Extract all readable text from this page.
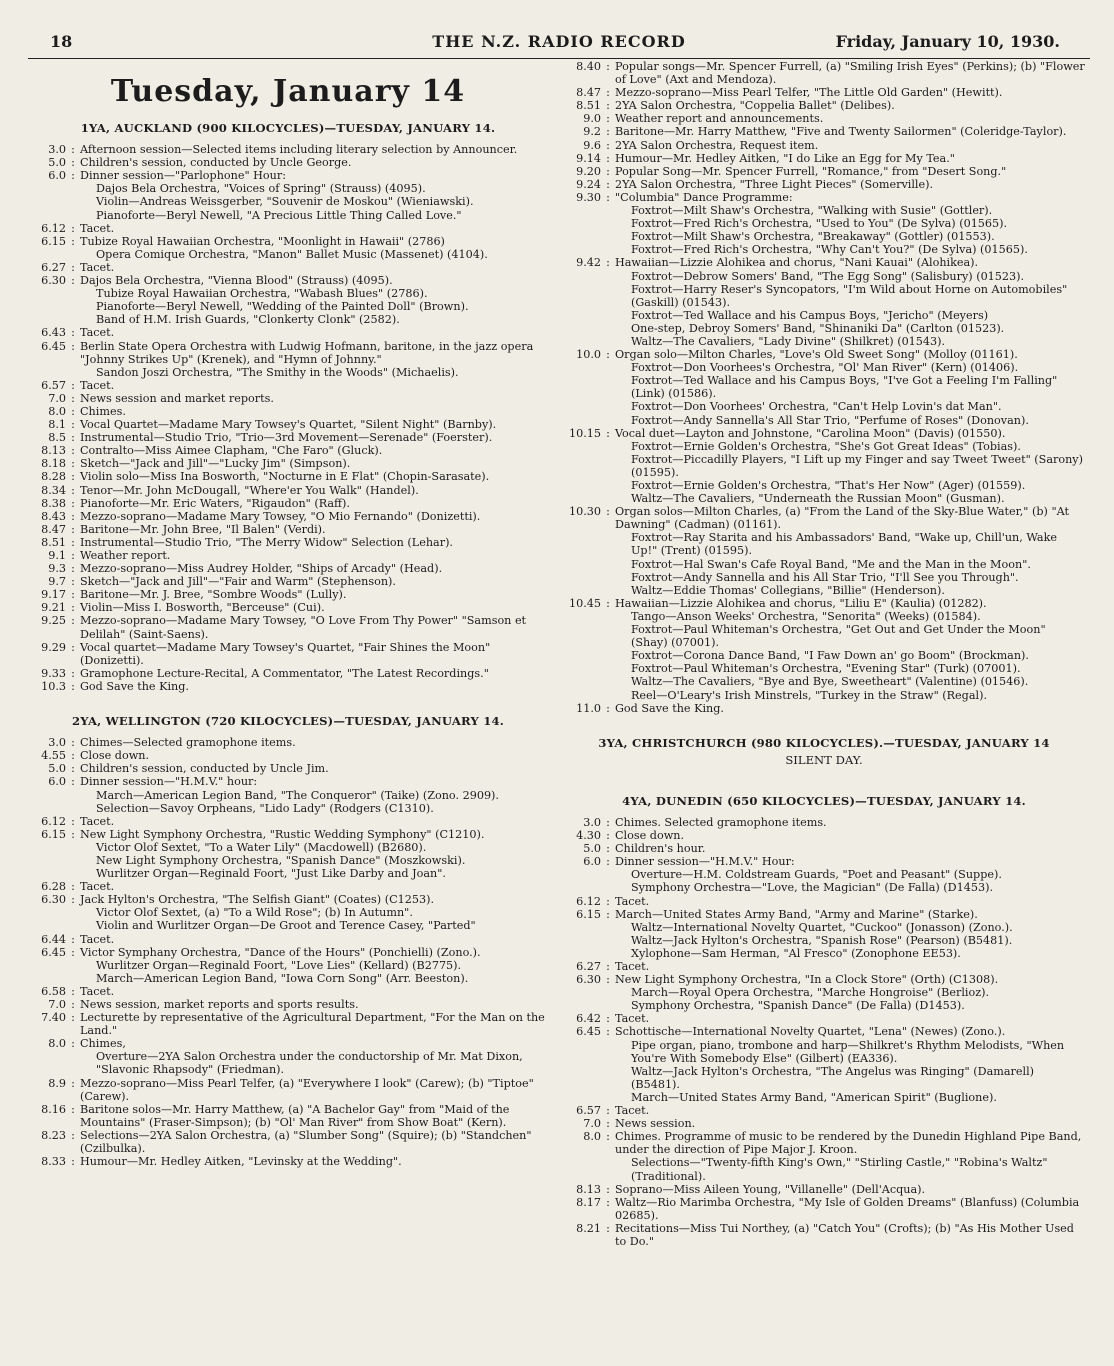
18	THE N.Z. RADIO RECORD	Friday, January 10, 1930.
Tuesday, January 14
1YA, AUCKLAND (900 KILOCYCLES)—TUESDAY, JANUARY 14.
3.0 : Afternoon session—Selected items including literary selection by Announcer.
5.0 : Children's session, conducted by Uncle George.
6.0 : Dinner session—"Parlophone" Hour:
Dajos Bela Orchestra, "Voices of Spring" (Strauss) (4095).
Violin—Andreas Weissgerber, "Souvenir de Moskou" (Wieniawski).
Pianoforte—Beryl Newell, "A Precious Little Thing Called Love."
6.12 : Tacet.
6.15 : Tubize Royal Hawaiian Orchestra, "Moonlight in Hawaii" (2786)
Opera Comique Orchestra, "Manon" Ballet Music (Massenet) (4104).
6.27 : Tacet.
6.30 : Dajos Bela Orchestra, "Vienna Blood" (Strauss) (4095).
Tubize Royal Hawaiian Orchestra, "Wabash Blues" (2786).
Pianoforte—Beryl Newell, "Wedding of the Painted Doll" (Brown).
Band of H.M. Irish Guards, "Clonkerty Clonk" (2582).
6.43 : Tacet.
6.45 : Berlin State Opera Orchestra with Ludwig Hofmann, baritone, in the jazz opera "Johnny Strikes Up" (Krenek), and "Hymn of Johnny."
Sandon Joszi Orchestra, "The Smithy in the Woods" (Michaelis).
6.57 : Tacet.
7.0 : News session and market reports.
8.0 : Chimes.
8.1 : Vocal Quartet—Madame Mary Towsey's Quartet, "Silent Night" (Barnby).
8.5 : Instrumental—Studio Trio, "Trio—3rd Movement—Serenade" (Foerster).
8.13 : Contralto—Miss Aimee Clapham, "Che Faro" (Gluck).
8.18 : Sketch—"Jack and Jill"—"Lucky Jim" (Simpson).
8.28 : Violin solo—Miss Ina Bosworth, "Nocturne in E Flat" (Chopin-Sarasate).
8.34 : Tenor—Mr. John McDougall, "Where'er You Walk" (Handel).
8.38 : Pianoforte—Mr. Eric Waters, "Rigaudon" (Raff).
8.43 : Mezzo-soprano—Madame Mary Towsey, "O Mio Fernando" (Donizetti).
8.47 : Baritone—Mr. John Bree, "Il Balen" (Verdi).
8.51 : Instrumental—Studio Trio, "The Merry Widow" Selection (Lehar).
9.1 : Weather report.
9.3 : Mezzo-soprano—Miss Audrey Holder, "Ships of Arcady" (Head).
9.7 : Sketch—"Jack and Jill"—"Fair and Warm" (Stephenson).
9.17 : Baritone—Mr. J. Bree, "Sombre Woods" (Lully).
9.21 : Violin—Miss I. Bosworth, "Berceuse" (Cui).
9.25 : Mezzo-soprano—Madame Mary Towsey, "O Love From Thy Power" "Samson et Delilah" (Saint-Saens).
9.29 : Vocal quartet—Madame Mary Towsey's Quartet, "Fair Shines the Moon" (Donizetti).
9.33 : Gramophone Lecture-Recital, A Commentator, "The Latest Recordings."
10.3 : God Save the King.
2YA, WELLINGTON (720 KILOCYCLES)—TUESDAY, JANUARY 14.
3.0 : Chimes—Selected gramophone items.
4.55 : Close down.
5.0 : Children's session, conducted by Uncle Jim.
6.0 : Dinner session—"H.M.V." hour:
March—American Legion Band, "The Conqueror" (Taike) (Zono. 2909).
Selection—Savoy Orpheans, "Lido Lady" (Rodgers (C1310).
6.12 : Tacet.
6.15 : New Light Symphony Orchestra, "Rustic Wedding Symphony" (C1210).
Victor Olof Sextet, "To a Water Lily" (Macdowell) (B2680).
New Light Symphony Orchestra, "Spanish Dance" (Moszkowski).
Wurlitzer Organ—Reginald Foort, "Just Like Darby and Joan".
6.28 : Tacet.
6.30 : Jack Hylton's Orchestra, "The Selfish Giant" (Coates) (C1253).
Victor Olof Sextet, (a) "To a Wild Rose"; (b) In Autumn".
Violin and Wurlitzer Organ—De Groot and Terence Casey, "Parted"
6.44 : Tacet.
6.45 : Victor Symphany Orchestra, "Dance of the Hours" (Ponchielli) (Zono.).
Wurlitzer Organ—Reginald Foort, "Love Lies" (Kellard) (B2775).
March—American Legion Band, "Iowa Corn Song" (Arr. Beeston).
6.58 : Tacet.
7.0 : News session, market reports and sports results.
7.40 : Lecturette by representative of the Agricultural Department, "For the Man on the Land."
8.0 : Chimes,
Overture—2YA Salon Orchestra under the conductorship of Mr. Mat Dixon, "Slavonic Rhapsody" (Friedman).
8.9 : Mezzo-soprano—Miss Pearl Telfer, (a) "Everywhere I look" (Carew); (b) "Tiptoe" (Carew).
8.16 : Baritone solos—Mr. Harry Matthew, (a) "A Bachelor Gay" from "Maid of the Mountains" (Fraser-Simpson); (b) "Ol' Man River" from Show Boat" (Kern).
8.23 : Selections—2YA Salon Orchestra, (a) "Slumber Song" (Squire); (b) "Standchen" (Czilbulka).
8.33 : Humour—Mr. Hedley Aitken, "Levinsky at the Wedding".
8.40 : Popular songs—Mr. Spencer Furrell, (a) "Smiling Irish Eyes" (Perkins); (b) "Flower of Love" (Axt and Mendoza).
8.47 : Mezzo-soprano—Miss Pearl Telfer, "The Little Old Garden" (Hewitt).
8.51 : 2YA Salon Orchestra, "Coppelia Ballet" (Delibes).
9.0 : Weather report and announcements.
9.2 : Baritone—Mr. Harry Matthew, "Five and Twenty Sailormen" (Coleridge-Taylor).
9.6 : 2YA Salon Orchestra, Request item.
9.14 : Humour—Mr. Hedley Aitken, "I do Like an Egg for My Tea."
9.20 : Popular Song—Mr. Spencer Furrell, "Romance," from "Desert Song."
9.24 : 2YA Salon Orchestra, "Three Light Pieces" (Somerville).
9.30 : "Columbia" Dance Programme:
Foxtrot—Milt Shaw's Orchestra, "Walking with Susie" (Gottler).
Foxtrot—Fred Rich's Orchestra, "Used to You" (De Sylva) (01565).
Foxtrot—Milt Shaw's Orchestra, "Breakaway" (Gottler) (01553).
Foxtrot—Fred Rich's Orchestra, "Why Can't You?" (De Sylva) (01565).
9.42 : Hawaiian—Lizzie Alohikea and chorus, "Nani Kauai" (Alohikea).
Foxtrot—Debrow Somers' Band, "The Egg Song" (Salisbury) (01523).
Foxtrot—Harry Reser's Syncopators, "I'm Wild about Horne on Automobiles" (Gaskill) (01543).
Foxtrot—Ted Wallace and his Campus Boys, "Jericho" (Meyers)
One-step, Debroy Somers' Band, "Shinaniki Da" (Carlton (01523).
Waltz—The Cavaliers, "Lady Divine" (Shilkret) (01543).
10.0 : Organ solo—Milton Charles, "Love's Old Sweet Song" (Molloy (01161).
Foxtrot—Don Voorhees's Orchestra, "Ol' Man River" (Kern) (01406).
Foxtrot—Ted Wallace and his Campus Boys, "I've Got a Feeling I'm Falling" (Link) (01586).
Foxtrot—Don Voorhees' Orchestra, "Can't Help Lovin's dat Man".
Foxtrot—Andy Sannella's All Star Trio, "Perfume of Roses" (Donovan).
10.15 : Vocal duet—Layton and Johnstone, "Carolina Moon" (Davis) (01550).
Foxtrot—Ernie Golden's Orchestra, "She's Got Great Ideas" (Tobias).
Foxtrot—Piccadilly Players, "I Lift up my Finger and say Tweet Tweet" (Sarony) (01595).
Foxtrot—Ernie Golden's Orchestra, "That's Her Now" (Ager) (01559).
Waltz—The Cavaliers, "Underneath the Russian Moon" (Gusman).
10.30 : Organ solos—Milton Charles, (a) "From the Land of the Sky-Blue Water," (b) "At Dawning" (Cadman) (01161).
Foxtrot—Ray Starita and his Ambassadors' Band, "Wake up, Chill'un, Wake Up!" (Trent) (01595).
Foxtrot—Hal Swan's Cafe Royal Band, "Me and the Man in the Moon".
Foxtrot—Andy Sannella and his All Star Trio, "I'll See you Through".
Waltz—Eddie Thomas' Collegians, "Billie" (Henderson).
10.45 : Hawaiian—Lizzie Alohikea and chorus, "Liliu E" (Kaulia) (01282).
Tango—Anson Weeks' Orchestra, "Senorita" (Weeks) (01584).
Foxtrot—Paul Whiteman's Orchestra, "Get Out and Get Under the Moon" (Shay) (07001).
Foxtrot—Corona Dance Band, "I Faw Down an' go Boom" (Brockman).
Foxtrot—Paul Whiteman's Orchestra, "Evening Star" (Turk) (07001).
Waltz—The Cavaliers, "Bye and Bye, Sweetheart" (Valentine) (01546).
Reel—O'Leary's Irish Minstrels, "Turkey in the Straw" (Regal).
11.0 : God Save the King.
3YA, CHRISTCHURCH (980 KILOCYCLES).—TUESDAY, JANUARY 14
SILENT DAY.
4YA, DUNEDIN (650 KILOCYCLES)—TUESDAY, JANUARY 14.
3.0 : Chimes. Selected gramophone items.
4.30 : Close down.
5.0 : Children's hour.
6.0 : Dinner session—"H.M.V." Hour:
Overture—H.M. Coldstream Guards, "Poet and Peasant" (Suppe).
Symphony Orchestra—"Love, the Magician" (De Falla) (D1453).
6.12 : Tacet.
6.15 : March—United States Army Band, "Army and Marine" (Starke).
Waltz—International Novelty Quartet, "Cuckoo" (Jonasson) (Zono.).
Waltz—Jack Hylton's Orchestra, "Spanish Rose" (Pearson) (B5481).
Xylophone—Sam Herman, "Al Fresco" (Zonophone EE53).
6.27 : Tacet.
6.30 : New Light Symphony Orchestra, "In a Clock Store" (Orth) (C1308).
March—Royal Opera Orchestra, "Marche Hongroise" (Berlioz).
Symphony Orchestra, "Spanish Dance" (De Falla) (D1453).
6.42 : Tacet.
6.45 : Schottische—International Novelty Quartet, "Lena" (Newes) (Zono.).
Pipe organ, piano, trombone and harp—Shilkret's Rhythm Melodists, "When You're With Somebody Else" (Gilbert) (EA336).
Waltz—Jack Hylton's Orchestra, "The Angelus was Ringing" (Damarell) (B5481).
March—United States Army Band, "American Spirit" (Buglione).
6.57 : Tacet.
7.0 : News session.
8.0 : Chimes. Programme of music to be rendered by the Dunedin Highland Pipe Band, under the direction of Pipe Major J. Kroon.
Selections—"Twenty-fifth King's Own," "Stirling Castle," "Robina's Waltz" (Traditional).
8.13 : Soprano—Miss Aileen Young, "Villanelle" (Dell'Acqua).
8.17 : Waltz—Rio Marimba Orchestra, "My Isle of Golden Dreams" (Blanfuss) (Columbia 02685).
8.21 : Recitations—Miss Tui Northey, (a) "Catch You" (Crofts); (b) "As His Mother Used to Do."
